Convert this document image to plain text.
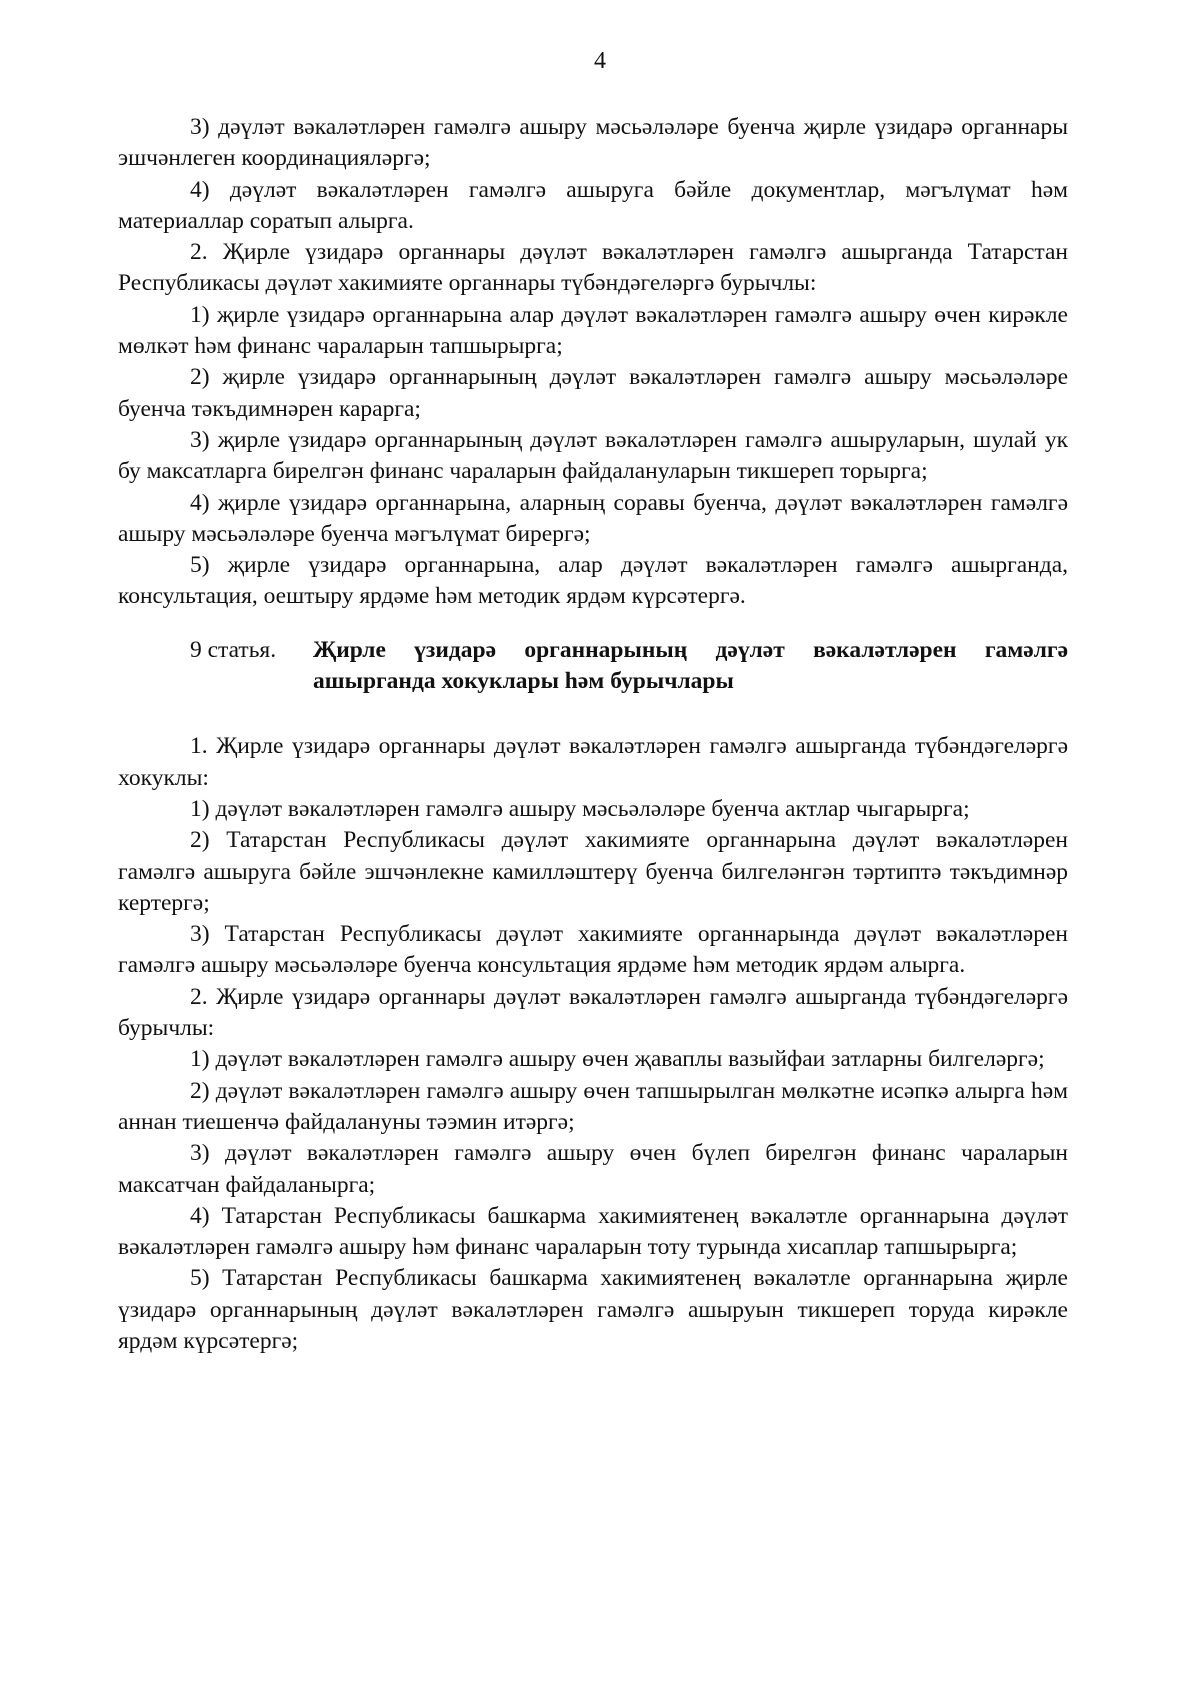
4

3) дәүләт вәкаләтләрен гамәлгә ашыру мәсьәләләре буенча җирле үзидарә органнары эшчәнлеген координацияләргә;

4) дәүләт вәкаләтләрен гамәлгә ашыруга бәйле документлар, мәгълүмат һәм материаллар соратып алырга.

2. Җирле үзидарә органнары дәүләт вәкаләтләрен гамәлгә ашырганда Татарстан Республикасы дәүләт хакимияте органнары түбәндәгеләргә бурычлы:

1) җирле үзидарә органнарына алар дәүләт вәкаләтләрен гамәлгә ашыру өчен кирәкле мөлкәт һәм финанс чараларын тапшырырга;

2) җирле үзидарә органнарының дәүләт вәкаләтләрен гамәлгә ашыру мәсьәләләре буенча тәкъдимнәрен карарга;

3) җирле үзидарә органнарының дәүләт вәкаләтләрен гамәлгә ашыруларын, шулай ук бу максатларга бирелгән финанс чараларын файдалануларын тикшереп торырга;

4) җирле үзидарә органнарына, аларның соравы буенча, дәүләт вәкаләтләрен гамәлгә ашыру мәсьәләләре буенча мәгълүмат бирергә;

5) җирле үзидарә органнарына, алар дәүләт вәкаләтләрен гамәлгә ашырганда, консультация, оештыру ярдәме һәм методик ярдәм күрсәтергә.

9 статья.	Җирле үзидарә органнарының дәүләт вәкаләтләрен гамәлгә ашырганда хокуклары һәм бурычлары

1. Җирле үзидарә органнары дәүләт вәкаләтләрен гамәлгә ашырганда түбәндәгеләргә хокуклы:

1) дәүләт вәкаләтләрен гамәлгә ашыру мәсьәләләре буенча актлар чыгарырга;

2) Татарстан Республикасы дәүләт хакимияте органнарына дәүләт вәкаләтләрен гамәлгә ашыруга бәйле эшчәнлекне камилләштерү буенча билгеләнгән тәртиптә тәкъдимнәр кертергә;

3) Татарстан Республикасы дәүләт хакимияте органнарында дәүләт вәкаләтләрен гамәлгә ашыру мәсьәләләре буенча консультация ярдәме һәм методик ярдәм алырга.

2. Җирле үзидарә органнары дәүләт вәкаләтләрен гамәлгә ашырганда түбәндәгеләргә бурычлы:

1) дәүләт вәкаләтләрен гамәлгә ашыру өчен җаваплы вазыйфаи затларны билгеләргә;

2) дәүләт вәкаләтләрен гамәлгә ашыру өчен тапшырылган мөлкәтне исәпкә алырга һәм аннан тиешенчә файдалануны тәэмин итәргә;

3) дәүләт вәкаләтләрен гамәлгә ашыру өчен бүлеп бирелгән финанс чараларын максатчан файдаланырга;

4) Татарстан Республикасы башкарма хакимиятенең вәкаләтле органнарына дәүләт вәкаләтләрен гамәлгә ашыру һәм финанс чараларын тоту турында хисаплар тапшырырга;

5) Татарстан Республикасы башкарма хакимиятенең вәкаләтле органнарына җирле үзидарә органнарының дәүләт вәкаләтләрен гамәлгә ашыруын тикшереп торуда кирәкле ярдәм күрсәтергә;
